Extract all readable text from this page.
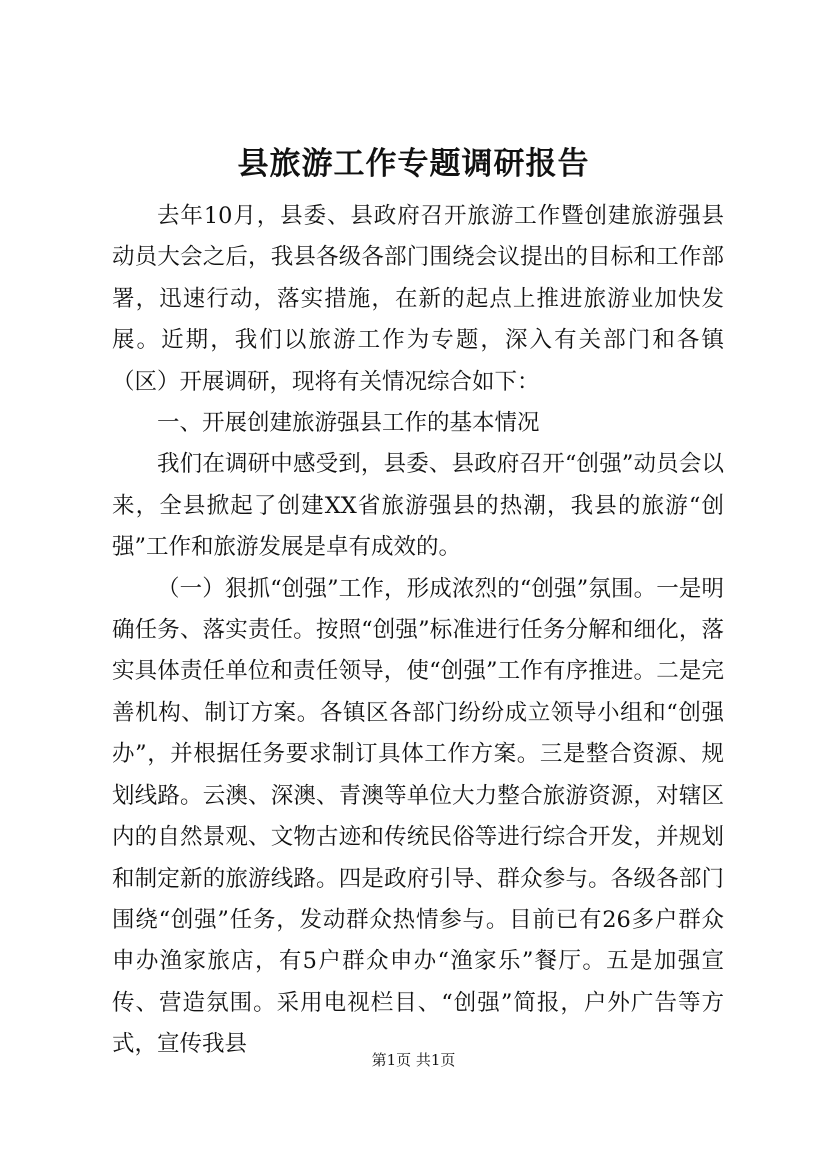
县旅游工作专题调研报告

去年10月，县委、县政府召开旅游工作暨创建旅游强县动员大会之后，我县各级各部门围绕会议提出的目标和工作部署，迅速行动，落实措施，在新的起点上推进旅游业加快发展。近期，我们以旅游工作为专题，深入有关部门和各镇（区）开展调研，现将有关情况综合如下：

一、开展创建旅游强县工作的基本情况

我们在调研中感受到，县委、县政府召开“创强”动员会以来，全县掀起了创建XX省旅游强县的热潮，我县的旅游“创强”工作和旅游发展是卓有成效的。

（一）狠抓“创强”工作，形成浓烈的“创强”氛围。一是明确任务、落实责任。按照“创强”标准进行任务分解和细化，落实具体责任单位和责任领导，使“创强”工作有序推进。二是完善机构、制订方案。各镇区各部门纷纷成立领导小组和“创强办”，并根据任务要求制订具体工作方案。三是整合资源、规划线路。云澳、深澳、青澳等单位大力整合旅游资源，对辖区内的自然景观、文物古迹和传统民俗等进行综合开发，并规划和制定新的旅游线路。四是政府引导、群众参与。各级各部门围绕“创强”任务，发动群众热情参与。目前已有26多户群众申办渔家旅店，有5户群众申办“渔家乐”餐厅。五是加强宣传、营造氛围。采用电视栏目、“创强”简报，户外广告等方式，宣传我县

第1页 共1页
